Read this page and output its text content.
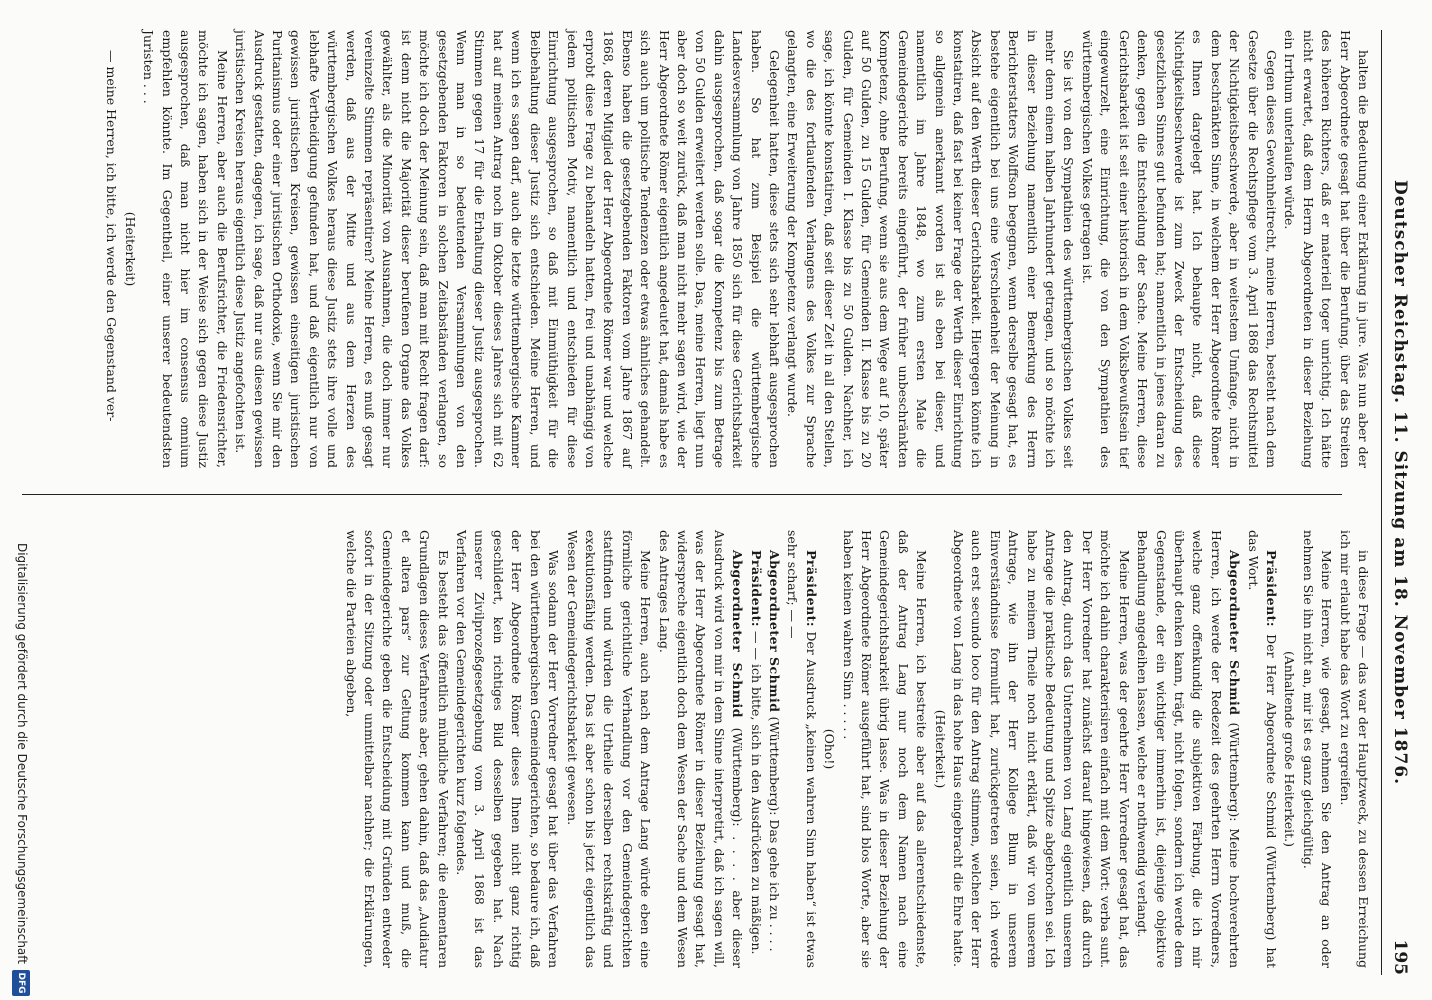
Deutscher Reichstag. 11. Sitzung am 18. November 1876.
195

halten die Bedeutung einer Erklärung in jure. Was nun aber der Herr Abgeordnete gesagt hat über die Berufung, über das Streiten des höheren Richters, daß er materiell toger unrichtig. Ich hätte nicht erwartet, daß dem Herrn Abgeordneten in dieser Beziehung ein Irrthum unterlaufen würde.

Gegen dieses Gewohnheitrecht, meine Herren, besteht nach dem Gesetze über die Rechtspflege vom 3. April 1868 das Rechtsmittel der Nichtigkeitsbeschwerde, aber in weitestem Umfange, nicht in dem beschränkten Sinne, in welchem der Herr Abgeordnete Römer es Ihnen dargelegt hat. Ich behaupte nicht, daß diese Nichtigkeitsbeschwerde ist zum Zweck der Entscheidung des gesetzlichen Sinnes gut befunden hat; namentlich in jenes daran zu denken, gegen die Entscheidung der Sache. Meine Herren, diese Gerichtsbarkeit ist seit einer historisch in dem Volksbewußtsein tief eingewurzelt, eine Einrichtung, die von den Sympathien des württembergischen Volkes getragen ist.

Sie ist von den Sympathien des württembergischen Volkes seit mehr denn einem halben Jahrhundert getragen, und so möchte ich in dieser Beziehung namentlich einer Bemerkung des Herrn Berichterstatters Wolffson begegnen, wenn derselbe gesagt hat, es bestehe eigentlich bei uns eine Verschiedenheit der Meinung in Absicht auf den Werth dieser Gerichtsbarkeit. Hiergegen könnte ich konstatiren, daß fast bei keiner Frage der Werth dieser Einrichtung so allgemein anerkannt worden ist als eben bei dieser, und namentlich im Jahre 1848, wo zum ersten Male die Gemeindegerichte bereits eingeführt, der früher unbeschränkten Kompetenz, ohne Berufung, wenn sie aus dem Wege auf 10, später auf 50 Gulden, zu 15 Gulden, für Gemeinden II. Klasse bis zu 20 Gulden, für Gemeinden I. Klasse bis zu 50 Gulden. Nachher, ich sage, ich könnte konstatiren, daß seit dieser Zeit in all den Stellen, wo die des fortlaufenden Verlangens des Volkes zur Sprache gelangten, eine Erweiterung der Kompetenz verlangt wurde.

Gelegenheit hatten, diese stets sich sehr lebhaft ausgesprochen haben. So hat zum Beispiel die württembergische Landesversammlung von Jahre 1850 sich für diese Gerichtsbarkeit dahin ausgesprochen, daß sogar die Kompetenz bis zum Betrage von 50 Gulden erweitert werden solle. Das, meine Herren, liegt nun aber doch so weit zurück, daß man nicht mehr sagen wird, wie der Herr Abgeordnete Römer eigentlich angedeutet hat, damals habe es sich auch um politische Tendenzen oder etwas ähnliches gehandelt. Ebenso haben die gesetzgebenden Faktoren vom Jahre 1867 auf 1868, deren Mitglied der Herr Abgeordnete Römer war und welche erprobt diese Frage zu behandeln hatten, frei und unabhängig von jedem politischen Motiv, namentlich und entschieden für diese Einrichtung ausgesprochen, so daß mit Einmüthigkeit für die Beibehaltung dieser Justiz sich entschieden. Meine Herren, und wenn ich es sagen darf, auch die letzte württembergische Kammer hat auf meinen Antrag noch im Oktober dieses Jahres sich mit 62 Stimmen gegen 17 für die Erhaltung dieser Justiz ausgesprochen. Wenn man in so bedeutenden Versammlungen von den gesetzgebenden Faktoren in solchen Zeitabständen verlangen, so möchte ich doch der Meinung sein, daß man mit Recht fragen darf: ist denn nicht die Majorität dieser berufenen Organe das Volkes gewählter, als die Minorität von Ausnahmen, die doch immer nur vereinzelte Stimmen repräsentiren? Meine Herren, es muß gesagt werden, daß aus der Mitte und aus dem Herzen des württembergischen Volkes heraus diese Justiz stets ihre volle und lebhafte Vertheidigung gefunden hat, und daß eigentlich nur von gewissen juristischen Kreisen, gewissen einseitigen juristischen Puritanismus oder einer juristischen Orthodoxie, wenn Sie mir den Ausdruck gestatten, dagegen, ich sage, daß nur aus diesen gewissen juristischen Kreisen heraus eigentlich diese Justiz angefochten ist.

Meine Herren, aber auch die Berufsrichter, die Friedensrichter, möchte ich sagen, haben sich in der Weise sich gegen diese Justiz ausgesprochen, daß man nicht hier im consensus omnium empfehlen könnte. Im Gegentheil, einer unserer bedeutendsten Juristen . . .

(Heiterkeit)

— meine Herren, ich bitte, ich werde den Gegenstand ver-

in diese Frage — das war der Hauptzweck, zu dessen Erreichung ich mir erlaubt habe das Wort zu ergreifen.

Meine Herren, wie gesagt, nehmen Sie den Antrag an oder nehmen Sie ihn nicht an, mir ist es ganz gleichgültig.

(Anhaltende große Heiterkeit.)

Präsident: Der Herr Abgeordnete Schmid (Württemberg) hat das Wort.

Abgeordneter Schmid (Württemberg): Meine hochverehrten Herren, ich werde der Redezeit des geehrten Herrn Vorredners, welche ganz offenkundig die subjektiven Färbung, die ich mir überhaupt denken kann, trägt, nicht folgen, sondern ich werde dem Gegenstande, der ein wichtiger immerhin ist, diejenige objektive Behandlung angedeihen lassen, welche er nothwendig verlangt.

Meine Herren, was der geehrte Herr Vorredner gesagt hat, das möchte ich dahin charakterisiren einfach mit dem Wort: verba sunt. Der Herr Vorredner hat zunächst darauf hingewiesen, daß durch den Antrag, durch das Unternehmen von Lang eigentlich unserem Antrage die praktische Bedeutung und Spitze abgebrochen sei. Ich habe zu meinem Theile noch nicht erklärt, daß wir von unserem Antrage, wie ihn der Herr Kollege Blum in unserem Einverständnisse formulirt hat, zurückgetreten seien, ich werde auch erst secundo loco für den Antrag stimmen, welchen der Herr Abgeordnete von Lang in das hohe Haus eingebracht die Ehre hatte.

(Heiterkeit.)

Meine Herren, ich bestreite aber auf das allerentschiedenste, daß der Antrag Lang nur noch dem Namen nach eine Gemeindegerichtsbarkeit übrig lasse. Was in dieser Beziehung der Herr Abgeordnete Römer ausgeführt hat, sind blos Worte, aber sie haben keinen wahren Sinn . . . . .

(Oho!)

Präsident: Der Ausdruck „keinen wahren Sinn haben“ ist etwas sehr scharf; — —

Abgeordneter Schmid (Württemberg): Das gehe ich zu . . . .

Präsident: — — ich bitte, sich in den Ausdrücken zu mäßigen.

Abgeordneter Schmid (Württemberg): . . . . aber dieser Ausdruck wird von mir in dem Sinne interpretirt, daß ich sagen will, was der Herr Abgeordnete Römer in dieser Beziehung gesagt hat, widerspreche eigentlich doch dem Wesen der Sache und dem Wesen des Antrages Lang.

Meine Herren, auch nach dem Antrage Lang würde eben eine förmliche gerichtliche Verhandlung vor den Gemeindegerichten stattfinden und würden die Urtheile derselben rechtskräftig und exekutionsfähig werden. Das ist aber schon bis jetzt eigentlich das Wesen der Gemeindegerichtsbarkeit gewesen.

Was sodann der Herr Vorredner gesagt hat über das Verfahren bei den württembergischen Gemeindegerichten, so bedaure ich, daß der Herr Abgeordnete Römer dieses Ihnen nicht ganz richtig geschildert, kein richtiges Bild desselben gegeben hat. Nach unserer Zivilprozeßgesetzgebung vom 3. April 1868 ist das Verfahren vor den Gemeindegerichten kurz folgendes.

Es besteht das öffentlich mündliche Verfahren; die elementaren Grundlagen dieses Verfahrens aber, gehen dahin, daß das „Audiatur et altera pars“ zur Geltung kommen kann und muß, die Gemeindegerichte geben die Entscheidung mit Gründen entweder sofort in der Sitzung oder unmittelbar nachher; die Erklärungen, welche die Parteien abgeben,

Digitalisierung gefördert durch die Deutsche Forschungsgemeinschaft
DFG
